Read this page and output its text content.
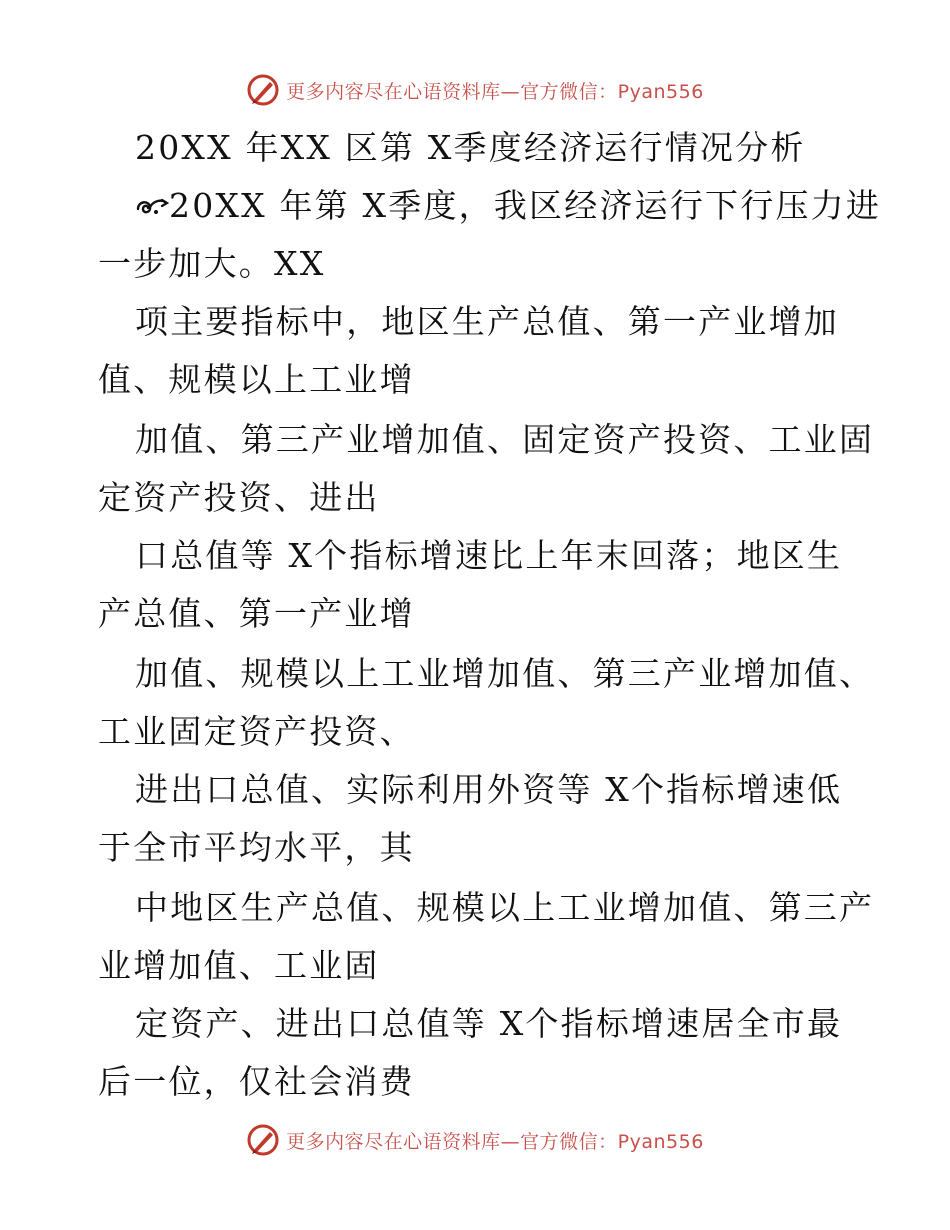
更多内容尽在心语资料库—官方微信：Pyan556
20XX 年XX 区第 X季度经济运行情况分析
20XX 年第 X季度，我区经济运行下行压力进
一步加大。XX
项主要指标中，地区生产总值、第一产业增加
值、规模以上工业增
加值、第三产业增加值、固定资产投资、工业固
定资产投资、进出
口总值等 X个指标增速比上年末回落；地区生
产总值、第一产业增
加值、规模以上工业增加值、第三产业增加值、
工业固定资产投资、
进出口总值、实际利用外资等 X个指标增速低
于全市平均水平，其
中地区生产总值、规模以上工业增加值、第三产
业增加值、工业固
定资产、进出口总值等 X个指标增速居全市最
后一位，仅社会消费
更多内容尽在心语资料库—官方微信：Pyan556
